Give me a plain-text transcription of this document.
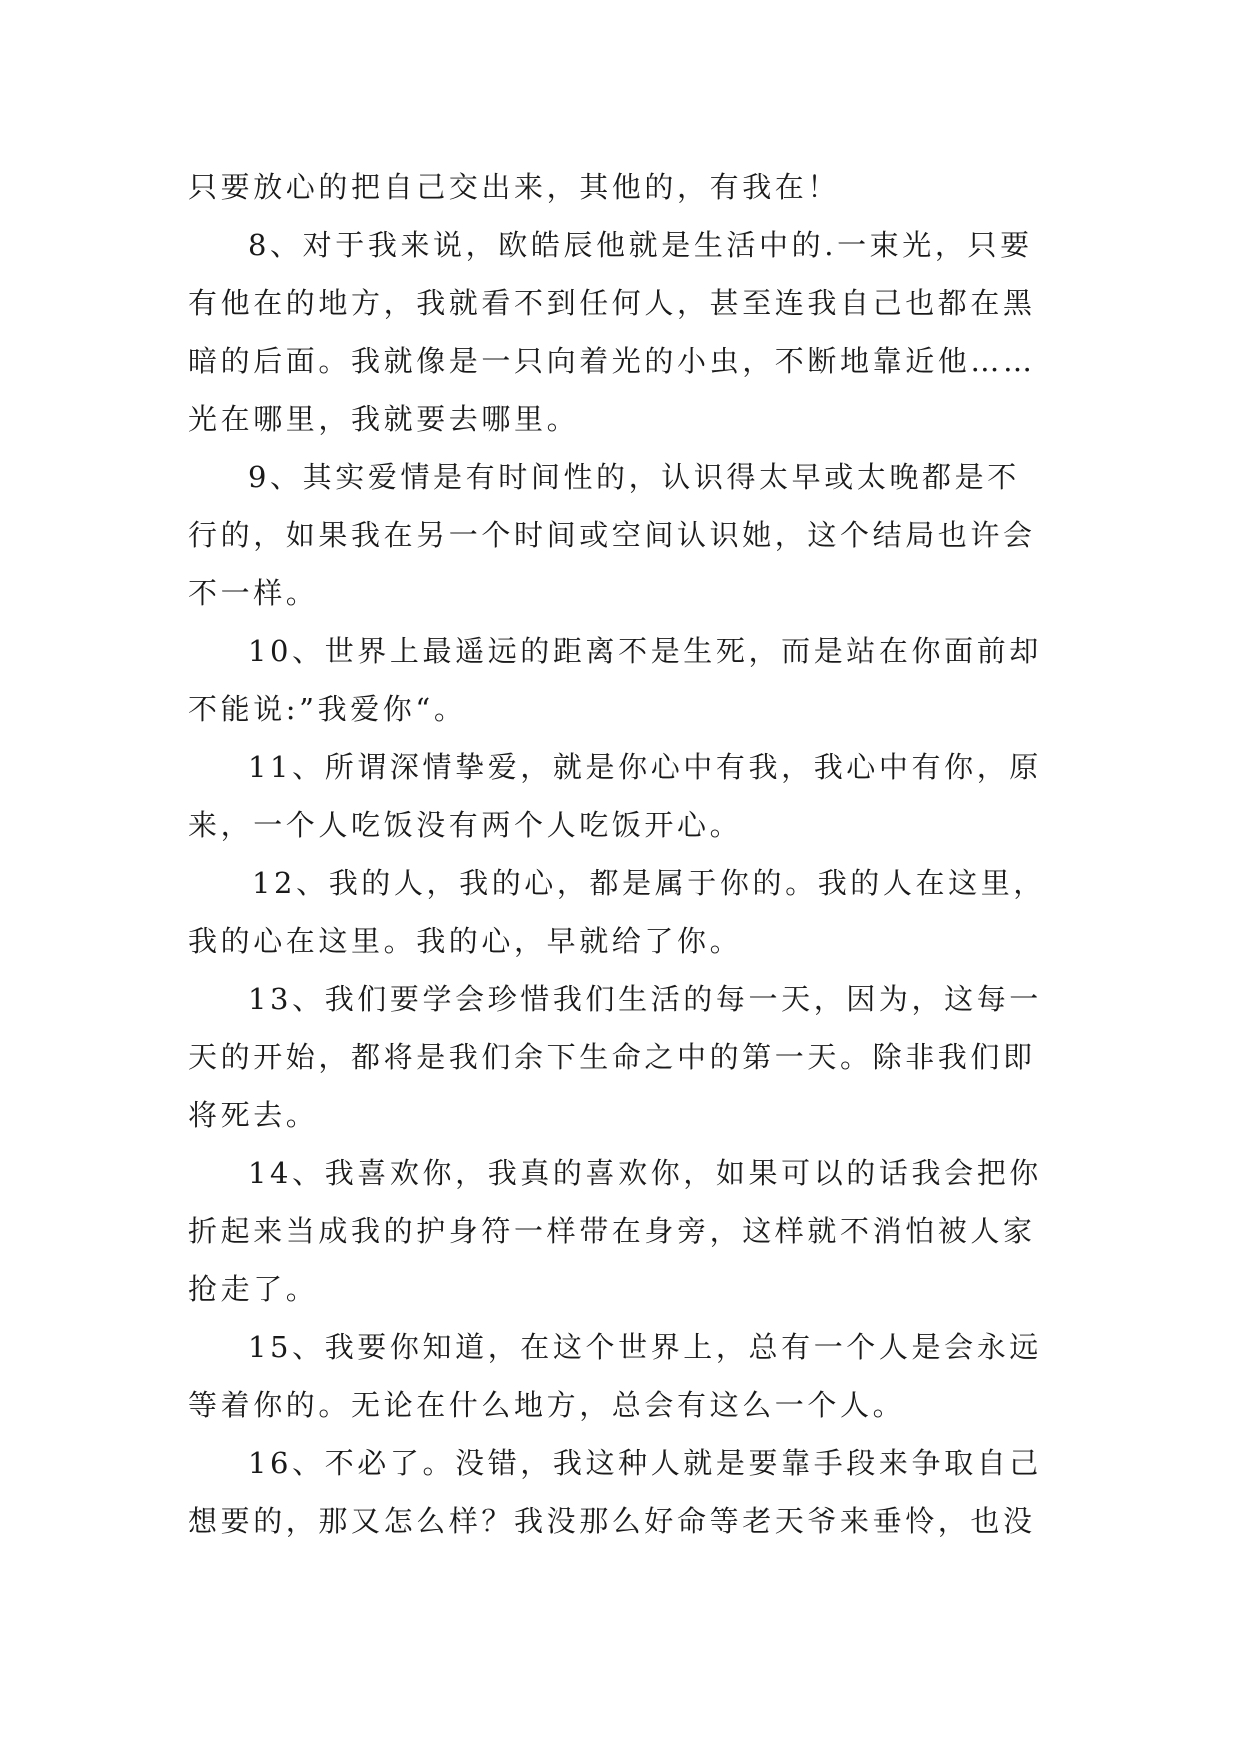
只要放心的把自己交出来，其他的，有我在！
8、对于我来说，欧皓辰他就是生活中的.一束光，只要
有他在的地方，我就看不到任何人，甚至连我自己也都在黑
暗的后面。我就像是一只向着光的小虫，不断地靠近他……
光在哪里，我就要去哪里。
9、其实爱情是有时间性的，认识得太早或太晚都是不
行的，如果我在另一个时间或空间认识她，这个结局也许会
不一样。
10、世界上最遥远的距离不是生死，而是站在你面前却
不能说:”我爱你“。
11、所谓深情挚爱，就是你心中有我，我心中有你，原
来，一个人吃饭没有两个人吃饭开心。
12、我的人，我的心，都是属于你的。我的人在这里，
我的心在这里。我的心，早就给了你。
13、我们要学会珍惜我们生活的每一天，因为，这每一
天的开始，都将是我们余下生命之中的第一天。除非我们即
将死去。
14、我喜欢你，我真的喜欢你，如果可以的话我会把你
折起来当成我的护身符一样带在身旁，这样就不消怕被人家
抢走了。
15、我要你知道，在这个世界上，总有一个人是会永远
等着你的。无论在什么地方，总会有这么一个人。
16、不必了。没错，我这种人就是要靠手段来争取自己
想要的，那又怎么样？我没那么好命等老天爷来垂怜，也没
